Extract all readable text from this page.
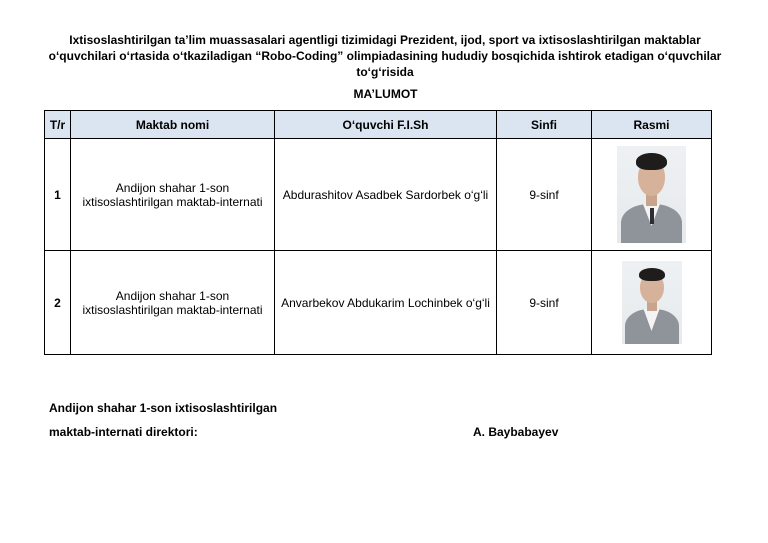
Ixtisoslashtirilgan ta’lim muassasalari agentligi tizimidagi Prezident, ijod, sport va ixtisoslashtirilgan maktablar o‘quvchilari o‘rtasida o‘tkaziladigan “Robo-Coding” olimpiadasining hududiy bosqichida ishtirok etadigan o‘quvchilar to‘g‘risida
MA’LUMOT
T/r	Maktab nomi	O‘quvchi F.I.Sh	Sinfi	Rasmi
1	Andijon shahar 1-son ixtisoslashtirilgan maktab-internati	Abdurashitov Asadbek Sardorbek o‘g‘li	9-sinf	

2	Andijon shahar 1-son ixtisoslashtirilgan maktab-internati	Anvarbekov Abdukarim Lochinbek o‘g‘li	9-sinf	
Andijon shahar 1-son ixtisoslashtirilgan
maktab-internati direktori:	A. Baybabayev
